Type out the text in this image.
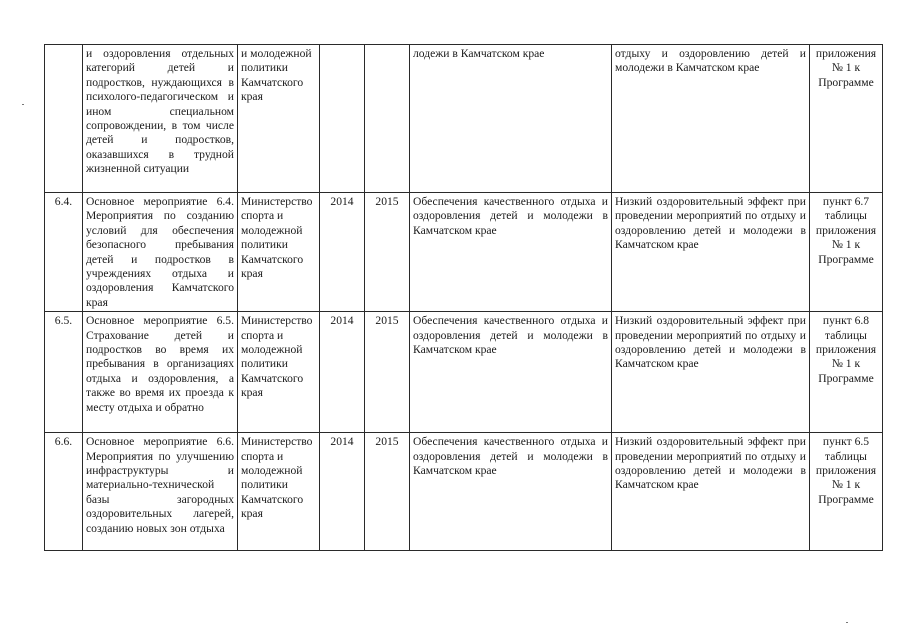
	и оздоровления отдельных категорий детей и подростков, нуждающихся в психолого-педагогическом и ином специальном сопровождении, в том числе детей и подростков, оказавшихся в трудной жизненной ситуации	и молодежной политики Камчатского края			лодежи в Камчатском крае	отдыху и оздоровлению детей и молодежи в Камчатском крае	приложения № 1 к Программе
6.4.	Основное мероприятие 6.4. Мероприятия по созданию условий для обеспечения безопасного пребывания детей и подростков в учреждениях отдыха и оздоровления Камчатского края	Министерство спорта и молодежной политики Камчатского края	2014	2015	Обеспечения качественного отдыха и оздоровления детей и молодежи в Камчатском крае	Низкий оздоровительный эффект при проведении мероприятий по отдыху и оздоровлению детей и молодежи в Камчатском крае	пункт 6.7 таблицы приложения № 1 к Программе
6.5.	Основное мероприятие 6.5. Страхование детей и подростков во время их пребывания в организациях отдыха и оздоровления, а также во время их проезда к месту отдыха и обратно	Министерство спорта и молодежной политики Камчатского края	2014	2015	Обеспечения качественного отдыха и оздоровления детей и молодежи в Камчатском крае	Низкий оздоровительный эффект при проведении мероприятий по отдыху и оздоровлению детей и молодежи в Камчатском крае	пункт 6.8 таблицы приложения № 1 к Программе
6.6.	Основное мероприятие 6.6. Мероприятия по улучшению инфраструктуры и материально-технической базы загородных оздоровительных лагерей, созданию новых зон отдыха	Министерство спорта и молодежной политики Камчатского края	2014	2015	Обеспечения качественного отдыха и оздоровления детей и молодежи в Камчатском крае	Низкий оздоровительный эффект при проведении мероприятий по отдыху и оздоровлению детей и молодежи в Камчатском крае	пункт 6.5 таблицы приложения № 1 к Программе
